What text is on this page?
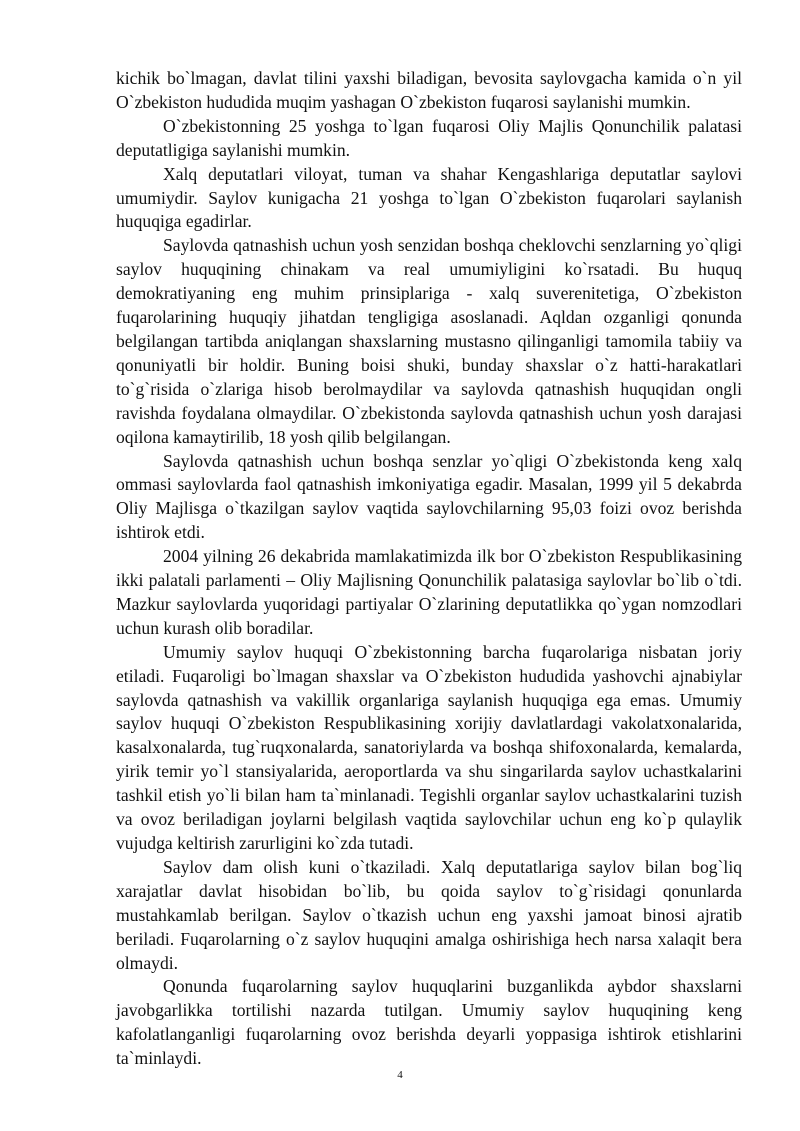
kichik bo`lmagan, davlat tilini yaxshi biladigan, bevosita saylovgacha kamida o`n yil O`zbekiston hududida muqim yashagan O`zbekiston fuqarosi saylanishi mumkin.

O`zbekistonning 25 yoshga to`lgan fuqarosi Oliy Majlis Qonunchilik palatasi deputatligiga saylanishi mumkin.

Xalq deputatlari viloyat, tuman va shahar Kengashlariga deputatlar saylovi umumiydir. Saylov kunigacha 21 yoshga to`lgan O`zbekiston fuqarolari saylanish huquqiga egadirlar.

Saylovda qatnashish uchun yosh senzidan boshqa cheklovchi senzlarning yo`qligi saylov huquqining chinakam va real umumiyligini ko`rsatadi. Bu huquq demokratiyaning eng muhim prinsiplariga - xalq suverenitetiga, O`zbekiston fuqarolarining huquqiy jihatdan tengligiga asoslanadi. Aqldan ozganligi qonunda belgilangan tartibda aniqlangan shaxslarning mustasno qilinganligi tamomila tabiiy va qonuniyatli bir holdir. Buning boisi shuki, bunday shaxslar o`z hatti-harakatlari to`g`risida o`zlariga hisob berolmaydilar va saylovda qatnashish huquqidan ongli ravishda foydalana olmaydilar. O`zbekistonda saylovda qatnashish uchun yosh darajasi oqilona kamaytirilib, 18 yosh qilib belgilangan.

Saylovda qatnashish uchun boshqa senzlar yo`qligi O`zbekistonda keng xalq ommasi saylovlarda faol qatnashish imkoniyatiga egadir. Masalan, 1999 yil 5 dekabrda Oliy Majlisga o`tkazilgan saylov vaqtida saylovchilarning 95,03 foizi ovoz berishda ishtirok etdi.

2004 yilning 26 dekabrida mamlakatimizda ilk bor O`zbekiston Respublikasining ikki palatali parlamenti – Oliy Majlisning Qonunchilik palatasiga saylovlar bo`lib o`tdi. Mazkur saylovlarda yuqoridagi partiyalar O`zlarining deputatlikka qo`ygan nomzodlari uchun kurash olib boradilar.

Umumiy saylov huquqi O`zbekistonning barcha fuqarolariga nisbatan joriy etiladi. Fuqaroligi bo`lmagan shaxslar va O`zbekiston hududida yashovchi ajnabiylar saylovda qatnashish va vakillik organlariga saylanish huquqiga ega emas. Umumiy saylov huquqi O`zbekiston Respublikasining xorijiy davlatlardagi vakolatxonalarida, kasalxonalarda, tug`ruqxonalarda, sanatoriylarda va boshqa shifoxonalarda, kemalarda, yirik temir yo`l stansiyalarida, aeroportlarda va shu singarilarda saylov uchastkalarini tashkil etish yo`li bilan ham ta`minlanadi. Tegishli organlar saylov uchastkalarini tuzish va ovoz beriladigan joylarni belgilash vaqtida saylovchilar uchun eng ko`p qulaylik vujudga keltirish zarurligini ko`zda tutadi.

Saylov dam olish kuni o`tkaziladi. Xalq deputatlariga saylov bilan bog`liq xarajatlar davlat hisobidan bo`lib, bu qoida saylov to`g`risidagi qonunlarda mustahkamlab berilgan. Saylov o`tkazish uchun eng yaxshi jamoat binosi ajratib beriladi. Fuqarolarning o`z saylov huquqini amalga oshirishiga hech narsa xalaqit bera olmaydi.

Qonunda fuqarolarning saylov huquqlarini buzganlikda aybdor shaxslarni javobgarlikka tortilishi nazarda tutilgan. Umumiy saylov huquqining keng kafolatlanganligi fuqarolarning ovoz berishda deyarli yoppasiga ishtirok etishlarini ta`minlaydi.

4
